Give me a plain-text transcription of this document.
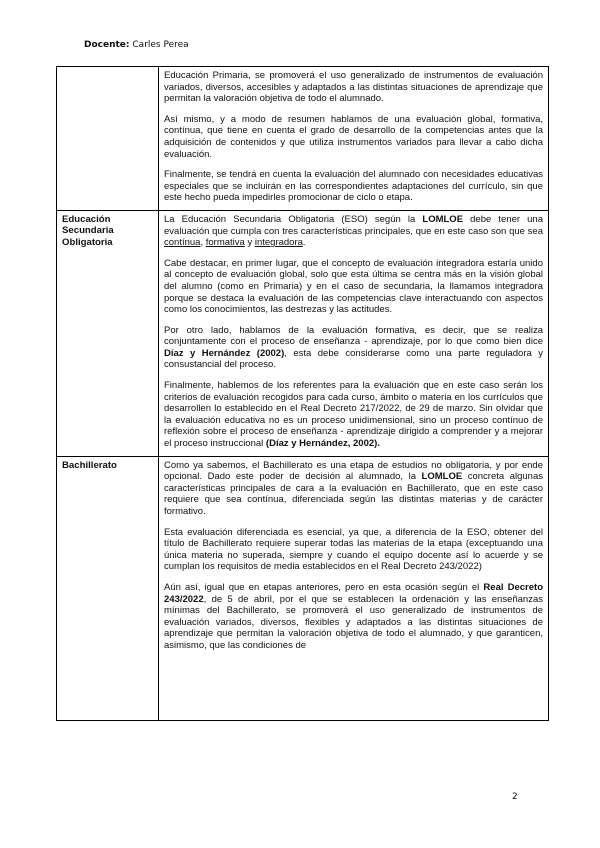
Docente: Carles Perea

	Educación Primaria, se promoverá el uso generalizado de instrumentos de evaluación variados, diversos, accesibles y adaptados a las distintas situaciones de aprendizaje que permitan la valoración objetiva de todo el alumnado.

Así mismo, y a modo de resumen hablamos de una evaluación global, formativa, contínua, que tiene en cuenta el grado de desarrollo de la competencias antes que la adquisición de contenidos y que utiliza instrumentos variados para llevar a cabo dicha evaluación.

Finalmente, se tendrá en cuenta la evaluación del alumnado con necesidades educativas especiales que se incluirán en las correspondientes adaptaciones del currículo, sin que este hecho pueda impedirles promocionar de ciclo o etapa.

Educación Secundaria Obligatoria	La Educación Secundaria Obligatoria (ESO) según la LOMLOE debe tener una evaluación que cumpla con tres características principales, que en este caso son que sea contínua, formativa y integradora.

Cabe destacar, en primer lugar, que el concepto de evaluación integradora estaría unido al concepto de evaluación global, solo que esta última se centra más en la visión global del alumno (como en Primaria) y en el caso de secundaria, la llamamos integradora porque se destaca la evaluación de las competencias clave interactuando con aspectos como los conocimientos, las destrezas y las actitudes.

Por otro lado, hablamos de la evaluación formativa, es decir, que se realiza conjuntamente con el proceso de enseñanza - aprendizaje, por lo que como bien dice Díaz y Hernández (2002), esta debe considerarse como una parte reguladora y consustancial del proceso.

Finalmente, hablemos de los referentes para la evaluación que en este caso serán los criterios de evaluación recogidos para cada curso, ámbito o materia en los currículos que desarrollen lo establecido en el Real Decreto 217/2022, de 29 de marzo. Sin olvidar que la evaluación educativa no es un proceso unidimensional, sino un proceso contínuo de reflexión sobre el proceso de enseñanza - aprendizaje dirigido a comprender y a mejorar el proceso instruccional (Díaz y Hernández, 2002).

Bachillerato	Como ya sabemos, el Bachillerato es una etapa de estudios no obligatoria, y por ende opcional. Dado este poder de decisión al alumnado, la LOMLOE concreta algunas características principales de cara a la evaluación en Bachillerato, que en este caso requiere que sea contínua, diferenciada según las distintas materias y de carácter formativo.

Esta evaluación diferenciada es esencial, ya que, a diferencia de la ESO, obtener del título de Bachillerato requiere superar todas las materias de la etapa (exceptuando una única materia no superada, siempre y cuando el equipo docente así lo acuerde y se cumplan los requisitos de media establecidos en el Real Decreto 243/2022)

Aún así, igual que en etapas anteriores, pero en esta ocasión según el Real Decreto 243/2022, de 5 de abril, por el que se establecen la ordenación y las enseñanzas mínimas del Bachillerato, se promoverá el uso generalizado de instrumentos de evaluación variados, diversos, flexibles y adaptados a las distintas situaciones de aprendizaje que permitan la valoración objetiva de todo el alumnado, y que garanticen, asimismo, que las condiciones de

2
